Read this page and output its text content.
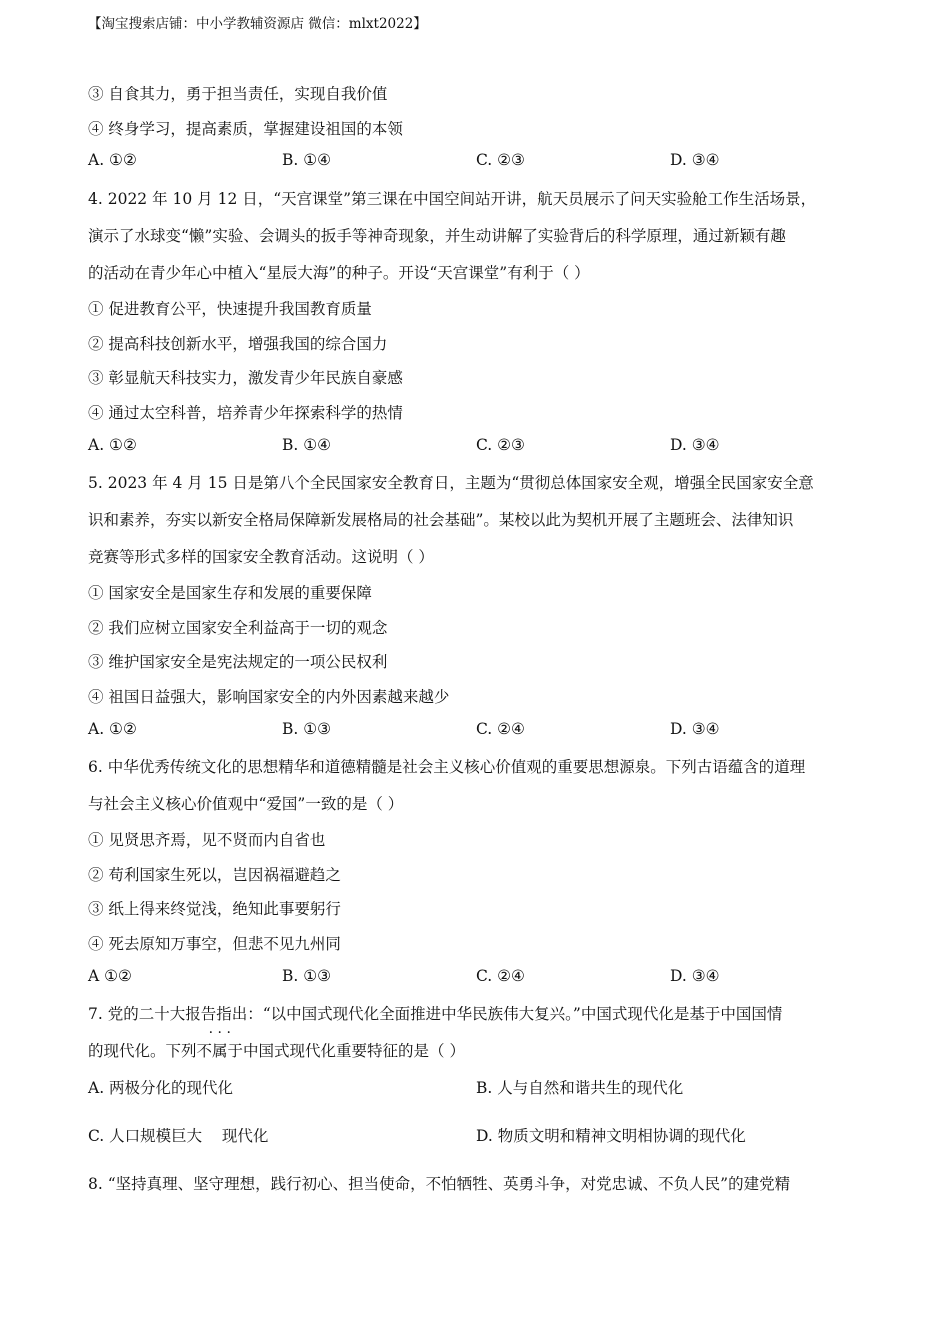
【淘宝搜索店铺：中小学教辅资源店 微信：mlxt2022】
③ 自食其力，勇于担当责任，实现自我价值
④ 终身学习，提高素质，掌握建设祖国的本领
A. ①②	B. ①④	C. ②③	D. ③④
4. 2022 年 10 月 12 日，“天宫课堂”第三课在中国空间站开讲，航天员展示了问天实验舱工作生活场景，
演示了水球变“懒”实验、会调头的扳手等神奇现象，并生动讲解了实验背后的科学原理，通过新颖有趣
的活动在青少年心中植入“星辰大海”的种子。开设“天宫课堂”有利于（ ）
① 促进教育公平，快速提升我国教育质量
② 提高科技创新水平，增强我国的综合国力
③ 彰显航天科技实力，激发青少年民族自豪感
④ 通过太空科普，培养青少年探索科学的热情
A. ①②	B. ①④	C. ②③	D. ③④
5. 2023 年 4 月 15 日是第八个全民国家安全教育日，主题为“贯彻总体国家安全观，增强全民国家安全意
识和素养，夯实以新安全格局保障新发展格局的社会基础”。某校以此为契机开展了主题班会、法律知识
竞赛等形式多样的国家安全教育活动。这说明（ ）
① 国家安全是国家生存和发展的重要保障
② 我们应树立国家安全利益高于一切的观念
③ 维护国家安全是宪法规定的一项公民权利
④ 祖国日益强大，影响国家安全的内外因素越来越少
A. ①②	B. ①③	C. ②④	D. ③④
6. 中华优秀传统文化的思想精华和道德精髓是社会主义核心价值观的重要思想源泉。下列古语蕴含的道理
与社会主义核心价值观中“爱国”一致的是（ ）
① 见贤思齐焉，见不贤而内自省也
② 苟利国家生死以，岂因祸福避趋之
③ 纸上得来终觉浅，绝知此事要躬行
④ 死去原知万事空，但悲不见九州同
A ①②	B. ①③	C. ②④	D. ③④
7. 党的二十大报告指出：“以中国式现代化全面推进中华民族伟大复兴。”中国式现代化是基于中国国情
的现代化。下列不属于 · · ·中国式现代化重要特征的是（ ）
A. 两极分化的现代化	B. 人与自然和谐共生的现代化
C. 人口规模巨大    现代化	D. 物质文明和精神文明相协调的现代化
8. “坚持真理、坚守理想，践行初心、担当使命，不怕牺牲、英勇斗争，对党忠诚、不负人民”的建党精
